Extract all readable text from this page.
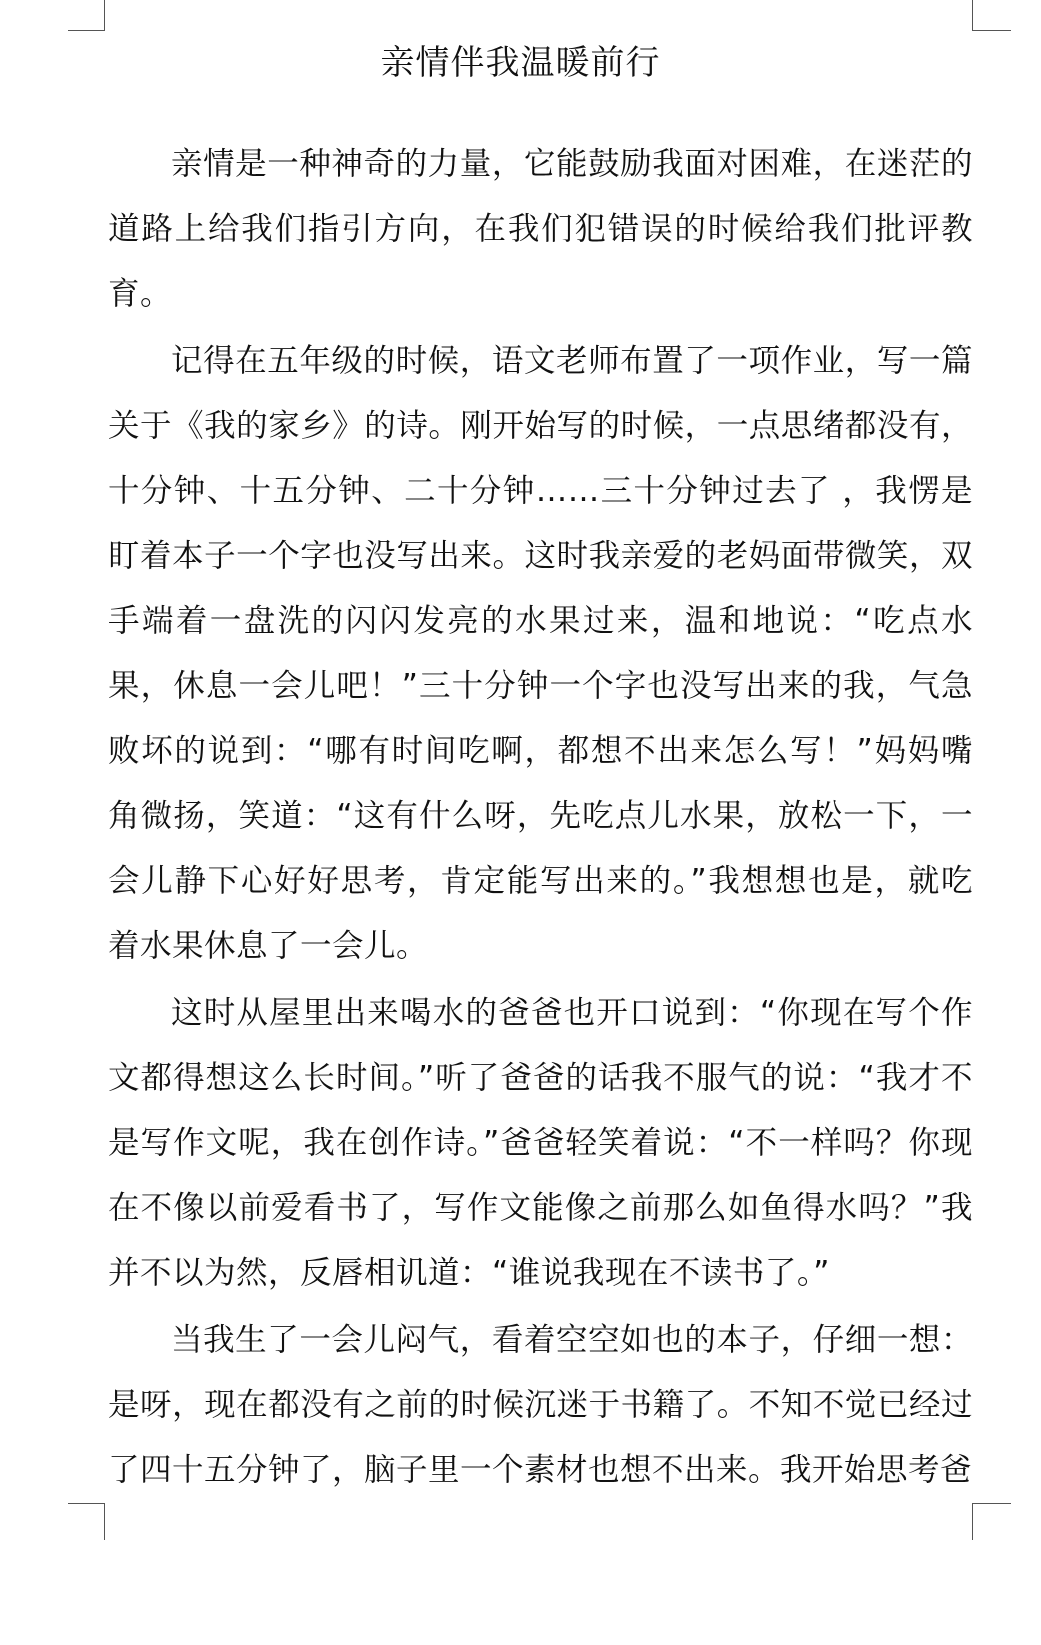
亲情伴我温暖前行

亲情是一种神奇的力量，它能鼓励我面对困难，在迷茫的道路上给我们指引方向，在我们犯错误的时候给我们批评教育。

记得在五年级的时候，语文老师布置了一项作业，写一篇关于《我的家乡》的诗。刚开始写的时候，一点思绪都没有，十分钟、十五分钟、二十分钟……三十分钟过去了 ，我愣是盯着本子一个字也没写出来。这时我亲爱的老妈面带微笑，双手端着一盘洗的闪闪发亮的水果过来，温和地说：“吃点水果，休息一会儿吧！”三十分钟一个字也没写出来的我，气急败坏的说到：“哪有时间吃啊，都想不出来怎么写！”妈妈嘴角微扬，笑道：“这有什么呀，先吃点儿水果，放松一下，一会儿静下心好好思考，肯定能写出来的。”我想想也是，就吃着水果休息了一会儿。

这时从屋里出来喝水的爸爸也开口说到：“你现在写个作文都得想这么长时间。”听了爸爸的话我不服气的说：“我才不是写作文呢，我在创作诗。”爸爸轻笑着说：“不一样吗？你现在不像以前爱看书了，写作文能像之前那么如鱼得水吗？”我并不以为然，反唇相讥道：“谁说我现在不读书了。”

当我生了一会儿闷气，看着空空如也的本子，仔细一想：是呀，现在都没有之前的时候沉迷于书籍了。不知不觉已经过了四十五分钟了，脑子里一个素材也想不出来。我开始思考爸
